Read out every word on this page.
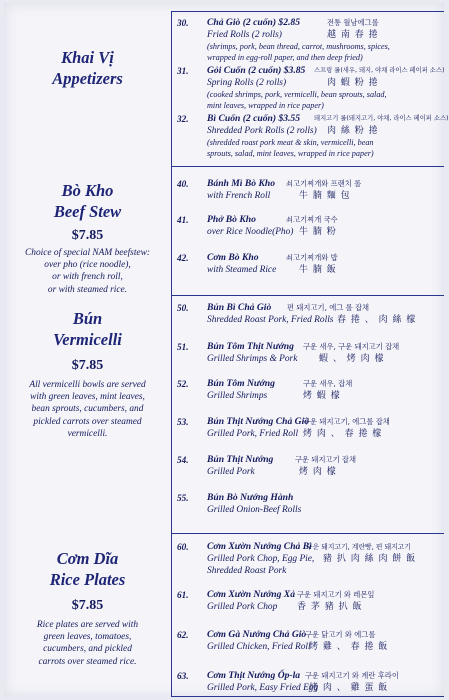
Khai Vị
Appetizers
Bò Kho
Beef Stew
$7.85

Choice of special NAM beefstew:

over pho (rice noodle),

or with french roll,

or with steamed rice.

Bún
Vermicelli
$7.85

All vermicelli bowls are served

with green leaves, mint leaves,

bean sprouts, cucumbers, and

pickled carrots over steamed

vermicelli.

Cơm Dĩa
Rice Plates
$7.85

Rice plates are served with

green leaves, tomatoes,

cucumbers, and pickled

carrots over steamed rice.

30.	Chả Giò (2 cuốn) $2.85	전통 월남에그롤
Fried Rolls (2 rolls)	越 南 春 捲
(shrimps, pork, bean thread, carrot, mushrooms, spices,
wrapped in egg-roll paper, and then deep fried)
31.	Gỏi Cuốn (2 cuốn) $3.85 스프링 롤(새우, 돼지, 야채 라이스 페이퍼 소스)
Spring Rolls (2 rolls)	肉 蝦 粉 捲
(cooked shrimps, pork, vermicelli, bean sprouts, salad,
mint leaves, wrapped in rice paper)
32.	Bì Cuốn (2 cuốn) $3.55 돼지고기 롤(돼지고기, 야채, 라이스 페이퍼 소스)
Shredded Pork Rolls (2 rolls) 肉 絲 粉 捲
(shredded roast pork meat & skin, vermicelli, bean
sprouts, salad, mint leaves, wrapped in rice paper)
40.	Bánh Mì Bò Kho 쇠고기찌개와 프랜치 롤
with French Roll	牛 腩 麵 包
41.	Phở Bò Kho	쇠고기찌개 국수
over Rice Noodle(Pho) 牛 腩 粉
42.	Cơm Bò Kho	쇠고기찌개와 밥
with Steamed Rice	牛 腩 飯
50.	Bún Bì Chả Giò 편 돼지고기, 에그 롤 잡채
Shredded Roast Pork, Fried Rolls 春 捲 、 肉 絲 檬
51.	Bún Tôm Thịt Nướng 구운 새우, 구운 돼지고기 잡채
Grilled Shrimps & Pork 蝦 、 烤 肉 檬
52.	Bún Tôm Nướng	구운 새우, 잡채
Grilled Shrimps	烤 蝦 檬
53.	Bún Thịt Nướng Chả Giò
구운 돼지고기, 에그롤 잡채
Grilled Pork, Fried Roll 烤 肉 、 春 捲 檬
54.	Bún Thịt Nướng	구운 돼지고기 잡채
Grilled Pork	烤 肉 檬
55.	Bún Bò Nướng Hành
Grilled Onion-Beef Rolls
60.	Cơm Xườn Nướng Chả Bì
구운 돼지고기, 계란빵, 편 돼지고기
Grilled Pork Chop, Egg Pie, 豬 扒 肉 絲 肉 餅 飯
Shredded Roast Pork
61.	Cơm Xườn Nướng Xả 구운 돼지고기 와 레몬잎
Grilled Pork Chop 香 茅 豬 扒 飯
62.	Cơm Gà Nướng Chả Giò
구운 닭고기 와 에그롤
Grilled Chicken, Fried Roll
烤 雞 、 春 捲 飯
63.	Cơm Thịt Nướng Ốp-la 구운 돼지고기 와 계란 후라이
Grilled Pork, Easy Fried Egg
烤 肉 、 雞 蛋 飯
